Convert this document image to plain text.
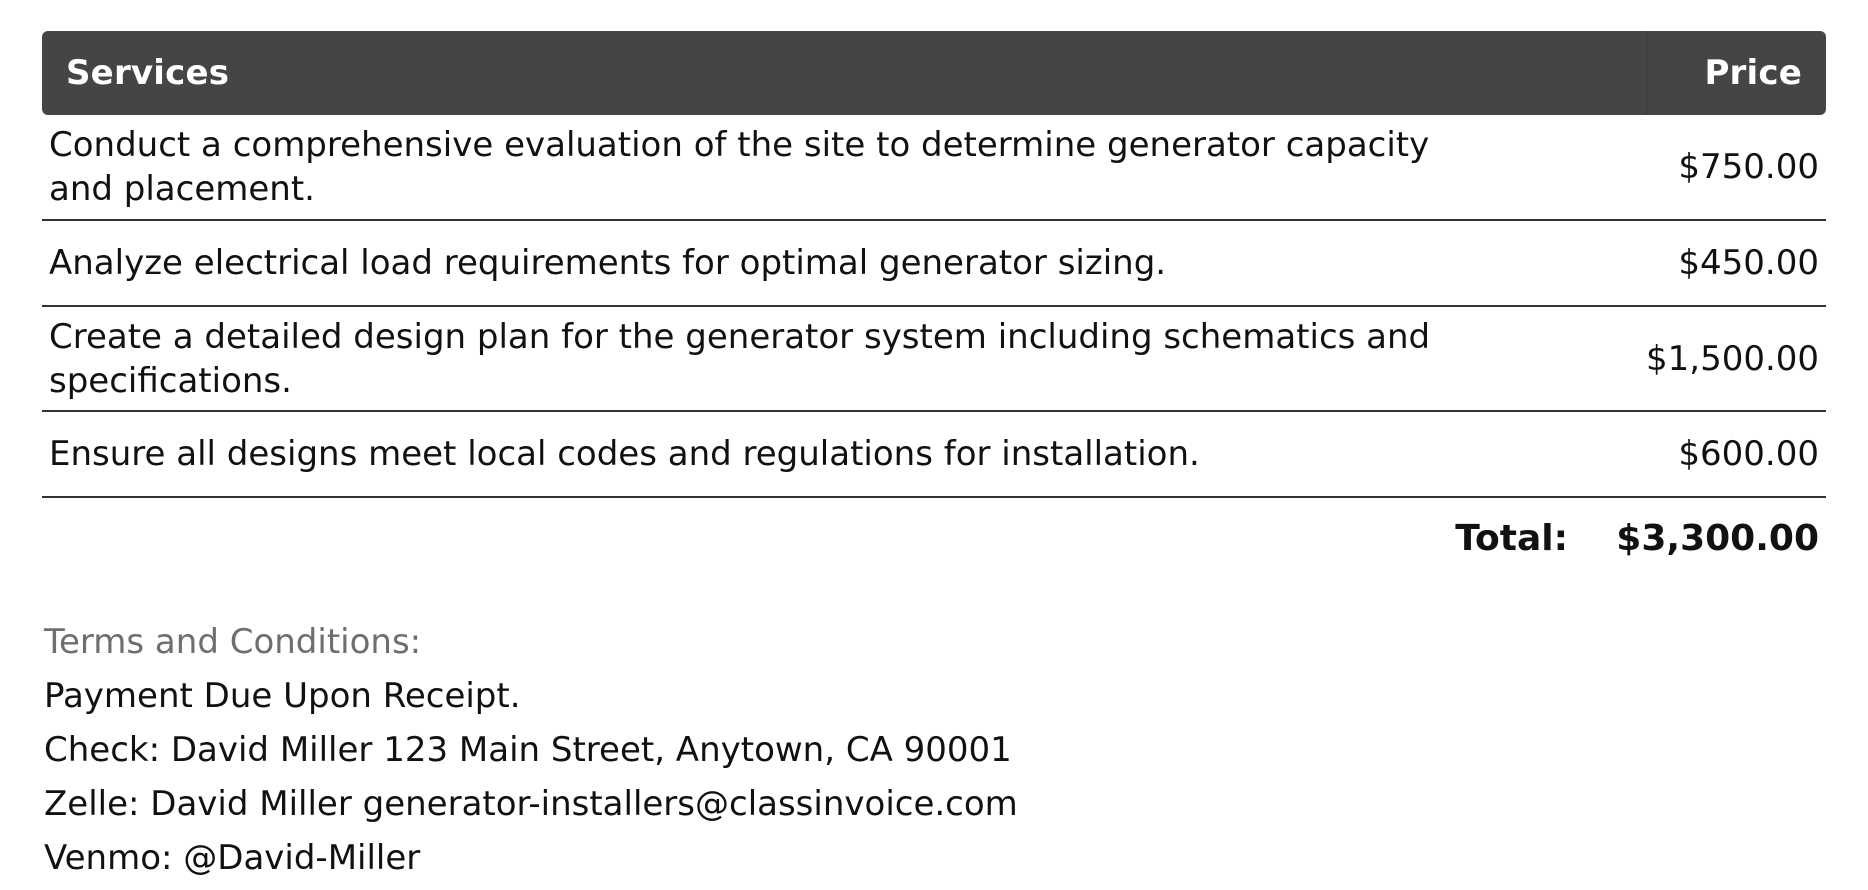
Services	Price
Conduct a comprehensive evaluation of the site to determine generator capacity and placement.	$750.00
Analyze electrical load requirements for optimal generator sizing.	$450.00
Create a detailed design plan for the generator system including schematics and specifications.	$1,500.00
Ensure all designs meet local codes and regulations for installation.	$600.00
Total: $3,300.00
Terms and Conditions:
Payment Due Upon Receipt.
Check: David Miller 123 Main Street, Anytown, CA 90001
Zelle: David Miller generator-installers@classinvoice.com
Venmo: @David-Miller
